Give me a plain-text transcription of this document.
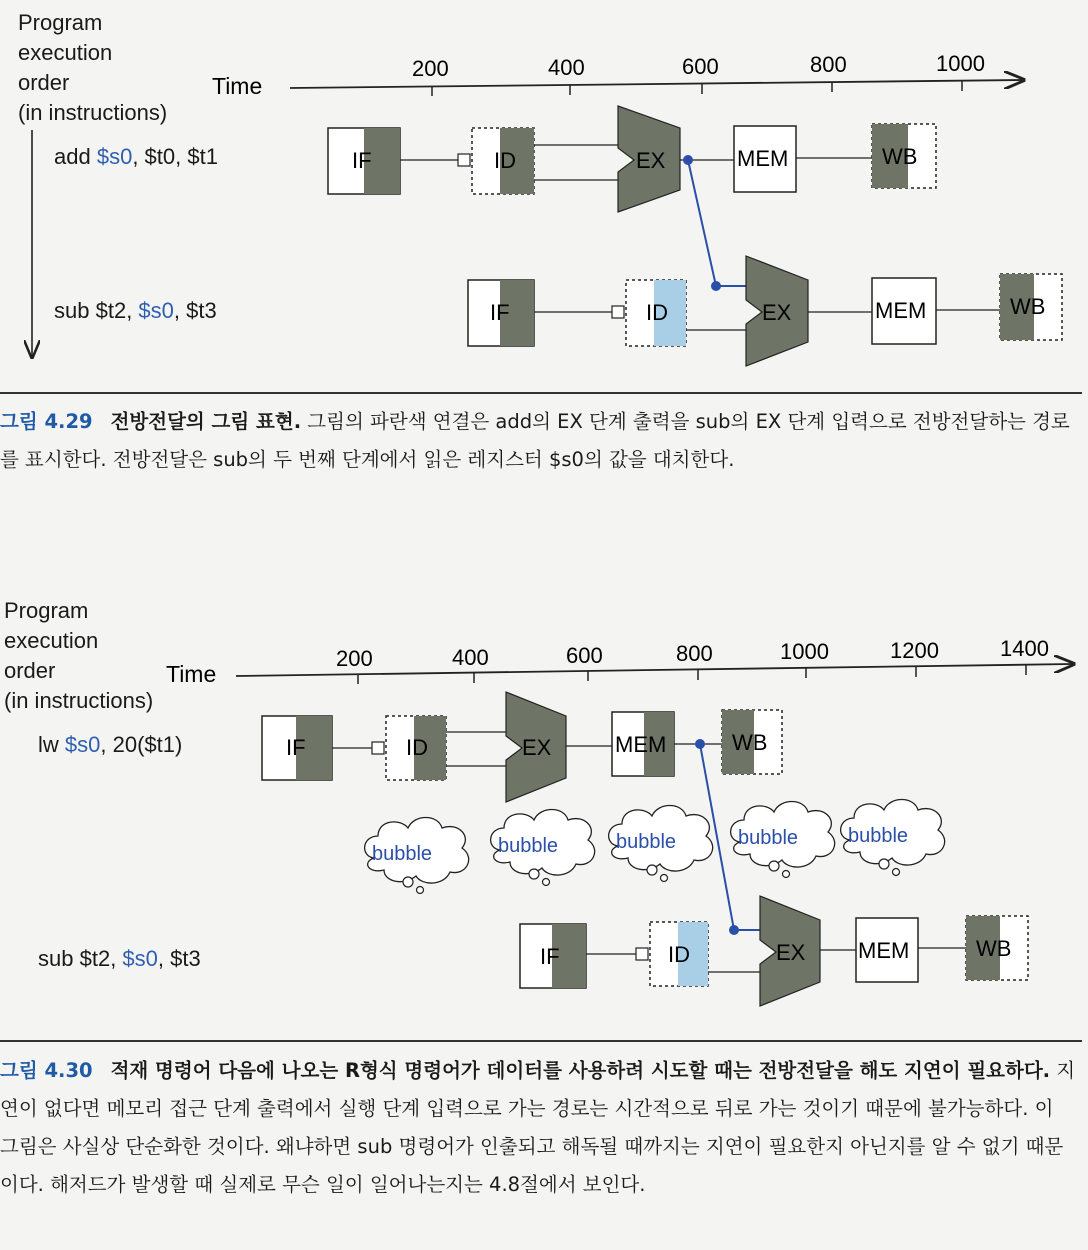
200	400	600	800	1000
Time
IF	ID	EX	MEM	WB
IF	ID	EX	MEM	WB
Program
execution
order
(in instructions)
add $s0, $t0, $t1
sub $t2, $s0, $t3
그림 4.29 전방전달의 그림 표현. 그림의 파란색 연결은 add의 EX 단계 출력을 sub의 EX 단계 입력으로 전방전달하는 경로를 표시한다. 전방전달은 sub의 두 번째 단계에서 읽은 레지스터 $s0의 값을 대치한다.
200	400	600	800	1000	1200	1400
Time
IF	ID	EX	MEM	WB
bubble	bubble	bubble	bubble bubble
IF	ID	EX MEM	WB
Program
execution
order
(in instructions)
lw $s0, 20($t1)
sub $t2, $s0, $t3
그림 4.30 적재 명령어 다음에 나오는 R형식 명령어가 데이터를 사용하려 시도할 때는 전방전달을 해도 지연이 필요하다. 지연이 없다면 메모리 접근 단계 출력에서 실행 단계 입력으로 가는 경로는 시간적으로 뒤로 가는 것이기 때문에 불가능하다. 이 그림은 사실상 단순화한 것이다. 왜냐하면 sub 명령어가 인출되고 해독될 때까지는 지연이 필요한지 아닌지를 알 수 없기 때문이다. 해저드가 발생할 때 실제로 무슨 일이 일어나는지는 4.8절에서 보인다.
